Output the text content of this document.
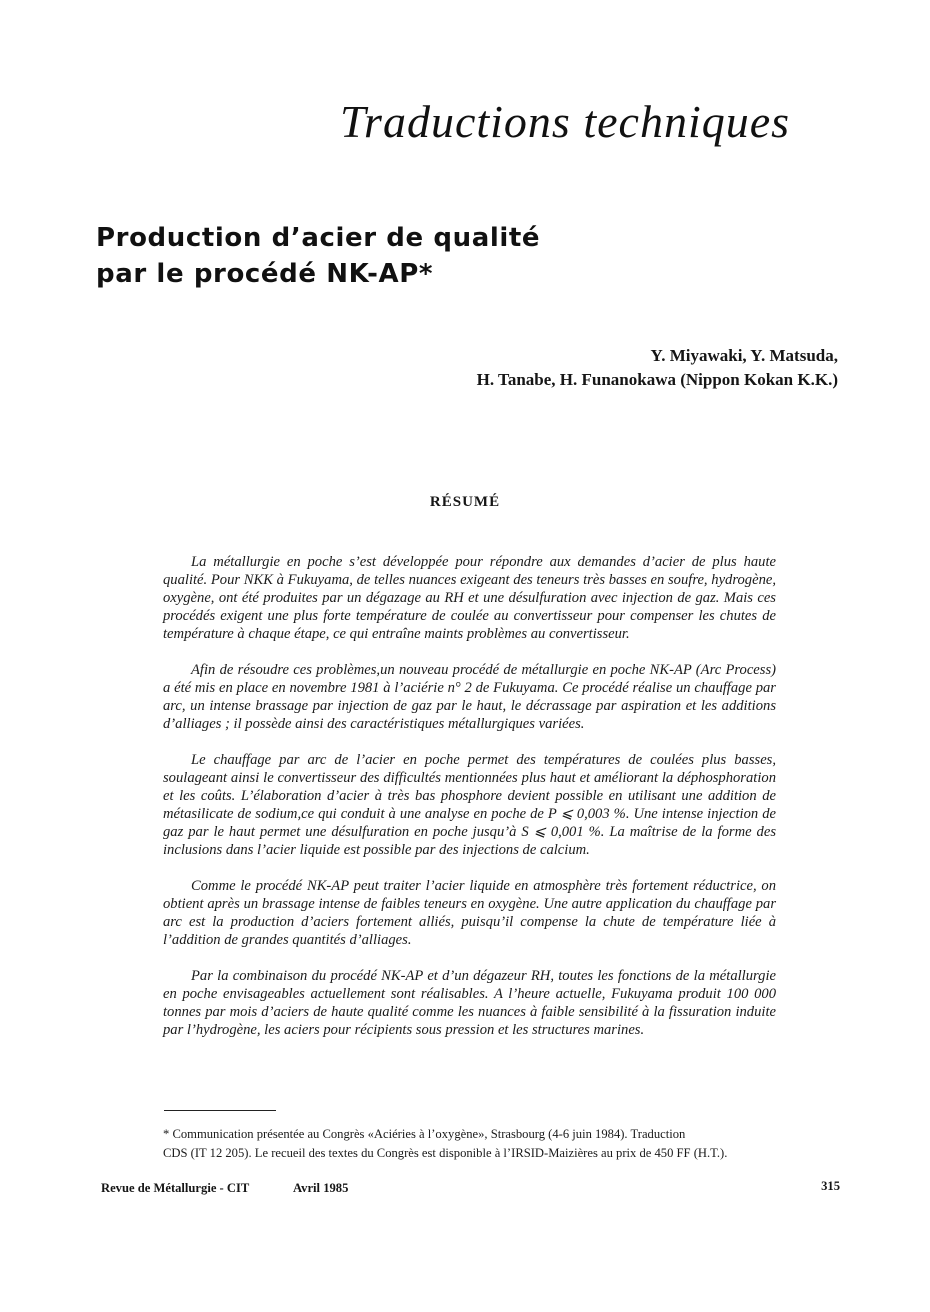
Traductions techniques
Production d’acier de qualité
par le procédé NK-AP*
Y. Miyawaki, Y. Matsuda,
H. Tanabe, H. Funanokawa (Nippon Kokan K.K.)
RÉSUMÉ

La métallurgie en poche s’est développée pour répondre aux demandes d’acier de plus haute qualité. Pour NKK à Fukuyama, de telles nuances exigeant des teneurs très basses en soufre, hydrogène, oxygène, ont été produites par un dégazage au RH et une désulfuration avec injection de gaz. Mais ces procédés exigent une plus forte température de coulée au convertisseur pour compenser les chutes de température à chaque étape, ce qui entraîne maints problèmes au convertisseur.

Afin de résoudre ces problèmes,un nouveau procédé de métallurgie en poche NK-AP (Arc Process) a été mis en place en novembre 1981 à l’aciérie n° 2 de Fukuyama. Ce procédé réalise un chauffage par arc, un intense brassage par injection de gaz par le haut, le décrassage par aspiration et les additions d’alliages ; il possède ainsi des caractéristiques métallurgiques variées.

Le chauffage par arc de l’acier en poche permet des températures de coulées plus basses, soulageant ainsi le convertisseur des difficultés mentionnées plus haut et améliorant la déphosphoration et les coûts. L’élaboration d’acier à très bas phosphore devient possible en utilisant une addition de métasilicate de sodium,ce qui conduit à une analyse en poche de P ⩽ 0,003 %. Une intense injection de gaz par le haut permet une désulfuration en poche jusqu’à S ⩽ 0,001 %. La maîtrise de la forme des inclusions dans l’acier liquide est possible par des injections de calcium.

Comme le procédé NK-AP peut traiter l’acier liquide en atmosphère très fortement réductrice, on obtient après un brassage intense de faibles teneurs en oxygène. Une autre application du chauffage par arc est la production d’aciers fortement alliés, puisqu’il compense la chute de température liée à l’addition de grandes quantités d’alliages.

Par la combinaison du procédé NK-AP et d’un dégazeur RH, toutes les fonctions de la métallurgie en poche envisageables actuellement sont réalisables. A l’heure actuelle, Fukuyama produit 100 000 tonnes par mois d’aciers de haute qualité comme les nuances à faible sensibilité à la fissuration induite par l’hydrogène, les aciers pour récipients sous pression et les structures marines.

* Communication présentée au Congrès «Aciéries à l’oxygène», Strasbourg (4-6 juin 1984). Traduction

CDS (IT 12 205). Le recueil des textes du Congrès est disponible à l’IRSID-Maizières au prix de 450 FF (H.T.).

Revue de Métallurgie - CIT	Avril 1985	315
